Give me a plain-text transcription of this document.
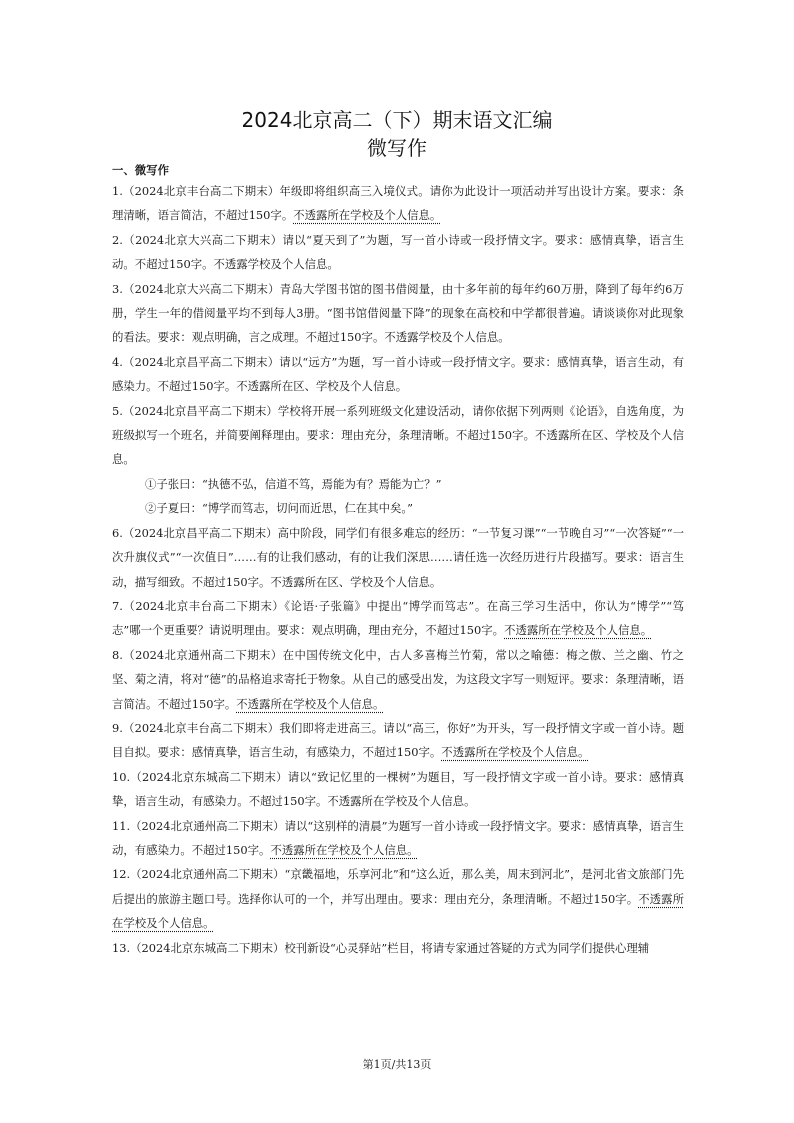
2024北京高二（下）期末语文汇编
微写作
一、微写作

1.（2024北京丰台高二下期末）年级即将组织高三入境仪式。请你为此设计一项活动并写出设计方案。要求：条理清晰，语言简洁，不超过150字。不透露所在学校及个人信息。

2.（2024北京大兴高二下期末）请以“夏天到了”为题，写一首小诗或一段抒情文字。要求：感情真挚，语言生动。不超过150字。不透露学校及个人信息。

3.（2024北京大兴高二下期末）青岛大学图书馆的图书借阅量，由十多年前的每年约60万册，降到了每年约6万册，学生一年的借阅量平均不到每人3册。“图书馆借阅量下降”的现象在高校和中学都很普遍。请谈谈你对此现象的看法。要求：观点明确，言之成理。不超过150字。不透露学校及个人信息。

4.（2024北京昌平高二下期末）请以“远方”为题，写一首小诗或一段抒情文字。要求：感情真挚，语言生动，有感染力。不超过150字。不透露所在区、学校及个人信息。

5.（2024北京昌平高二下期末）学校将开展一系列班级文化建设活动，请你依据下列两则《论语》，自选角度，为班级拟写一个班名，并简要阐释理由。要求：理由充分，条理清晰。不超过150字。不透露所在区、学校及个人信息。

①子张曰：“执德不弘，信道不笃，焉能为有？焉能为亡？”

②子夏曰：“博学而笃志，切问而近思，仁在其中矣。”

6.（2024北京昌平高二下期末）高中阶段，同学们有很多难忘的经历：“一节复习课”“一节晚自习”“一次答疑”“一次升旗仪式”“一次值日”……有的让我们感动，有的让我们深思……请任选一次经历进行片段描写。要求：语言生动，描写细致。不超过150字。不透露所在区、学校及个人信息。

7.（2024北京丰台高二下期末）《论语·子张篇》中提出“博学而笃志”。在高三学习生活中，你认为“博学”“笃志”哪一个更重要？请说明理由。要求：观点明确，理由充分，不超过150字。不透露所在学校及个人信息。

8.（2024北京通州高二下期末）在中国传统文化中，古人多喜梅兰竹菊，常以之喻德：梅之傲、兰之幽、竹之坚、菊之清，将对“德”的品格追求寄托于物象。从自己的感受出发，为这段文字写一则短评。要求：条理清晰，语言简洁。不超过150字。不透露所在学校及个人信息。

9.（2024北京丰台高二下期末）我们即将走进高三。请以“高三，你好”为开头，写一段抒情文字或一首小诗。题目自拟。要求：感情真挚，语言生动，有感染力，不超过150字。不透露所在学校及个人信息。

10.（2024北京东城高二下期末）请以“致记忆里的一棵树”为题目，写一段抒情文字或一首小诗。要求：感情真挚，语言生动，有感染力。不超过150字。不透露所在学校及个人信息。

11.（2024北京通州高二下期末）请以“这别样的清晨”为题写一首小诗或一段抒情文字。要求：感情真挚，语言生动，有感染力。不超过150字。不透露所在学校及个人信息。

12.（2024北京通州高二下期末）“京畿福地，乐享河北”和“这么近，那么美，周末到河北”，是河北省文旅部门先后提出的旅游主题口号。选择你认可的一个，并写出理由。要求：理由充分，条理清晰。不超过150字。不透露所在学校及个人信息。

13.（2024北京东城高二下期末）校刊新设“心灵驿站”栏目，将请专家通过答疑的方式为同学们提供心理辅

第1页/共13页
